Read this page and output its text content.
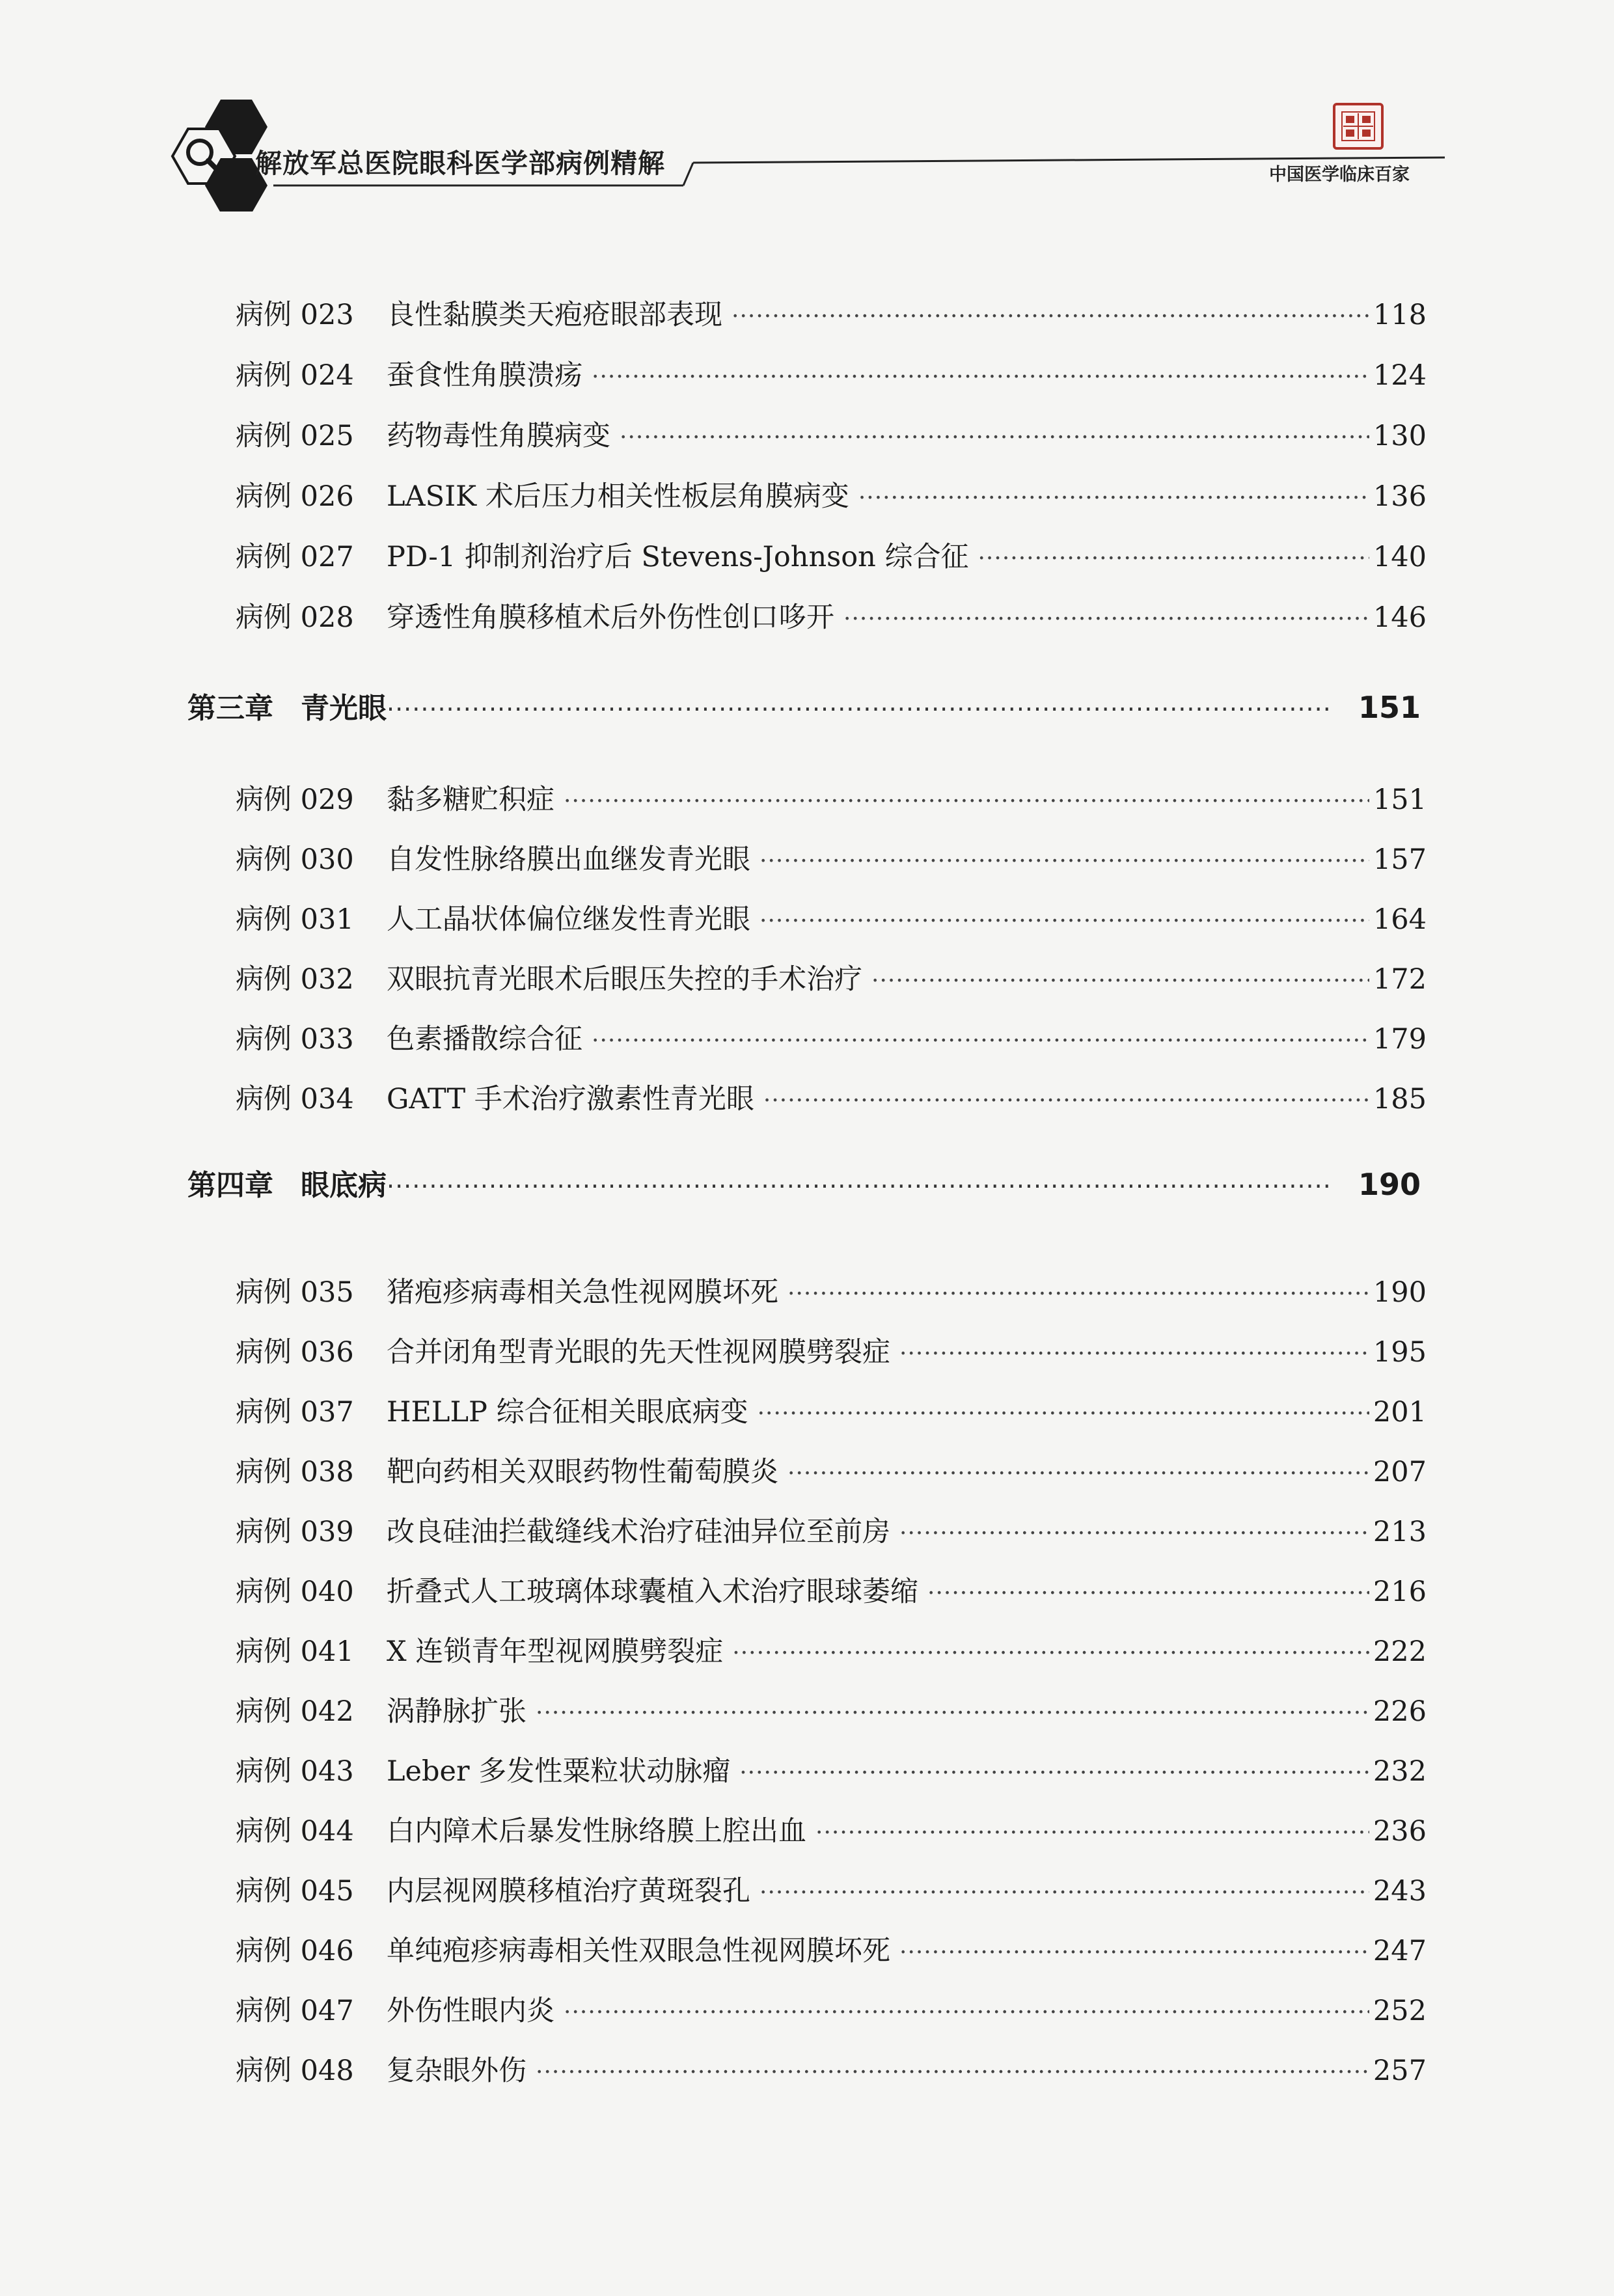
解放军总医院眼科医学部病例精解	中国医学临床百家
病例 023	良性黏膜类天疱疮眼部表现 ·····	118
病例 024	蚕食性角膜溃疡 ·····	124
病例 025	药物毒性角膜病变 ·····	130
病例 026	LASIK 术后压力相关性板层角膜病变 ·····	136
病例 027	PD-1 抑制剂治疗后 Stevens-Johnson 综合征 ·····	140
病例 028	穿透性角膜移植术后外伤性创口哆开 ·····	146
第三章 青光眼 ·····	151
病例 029	黏多糖贮积症 ·····	151
病例 030	自发性脉络膜出血继发青光眼 ·····	157
病例 031	人工晶状体偏位继发性青光眼 ·····	164
病例 032	双眼抗青光眼术后眼压失控的手术治疗 ·····	172
病例 033	色素播散综合征 ·····	179
病例 034	GATT 手术治疗激素性青光眼 ·····	185
第四章 眼底病 ·····	190
病例 035	猪疱疹病毒相关急性视网膜坏死 ·····	190
病例 036	合并闭角型青光眼的先天性视网膜劈裂症 ·····	195
病例 037	HELLP 综合征相关眼底病变 ·····	201
病例 038	靶向药相关双眼药物性葡萄膜炎 ·····	207
病例 039	改良硅油拦截缝线术治疗硅油异位至前房 ·····	213
病例 040	折叠式人工玻璃体球囊植入术治疗眼球萎缩 ·····	216
病例 041	X 连锁青年型视网膜劈裂症 ·····	222
病例 042	涡静脉扩张 ·····	226
病例 043	Leber 多发性粟粒状动脉瘤 ·····	232
病例 044	白内障术后暴发性脉络膜上腔出血 ·····	236
病例 045	内层视网膜移植治疗黄斑裂孔 ·····	243
病例 046	单纯疱疹病毒相关性双眼急性视网膜坏死 ·····	247
病例 047	外伤性眼内炎 ·····	252
病例 048	复杂眼外伤 ·····	257
